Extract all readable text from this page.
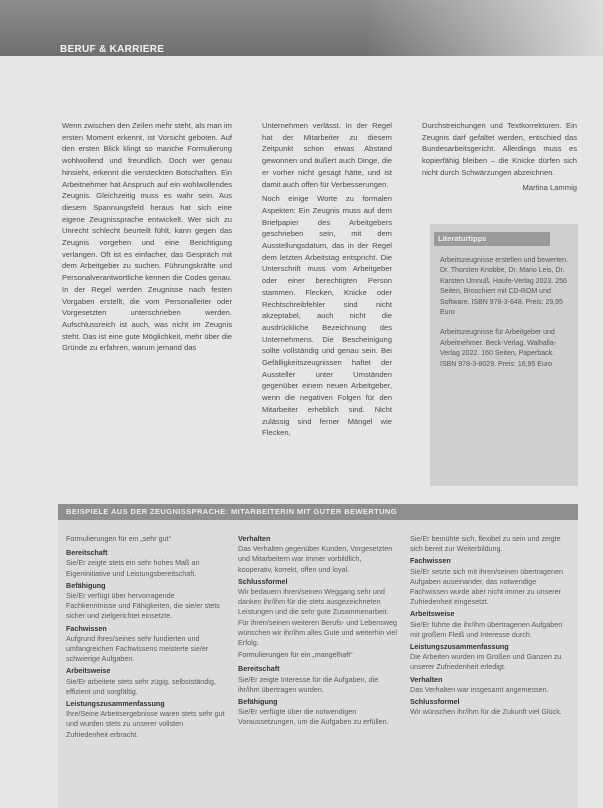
BERUF & KARRIERE

Wenn zwischen den Zeilen mehr steht, als man im ersten Moment erkennt, ist Vorsicht geboten. Auf den ersten Blick klingt so manche Formulierung wohlwollend und freundlich. Doch wer genau hinsieht, erkennt die versteckten Botschaften. Ein Arbeitnehmer hat Anspruch auf ein wohlwollendes Zeugnis. Gleichzeitig muss es wahr sein. Aus diesem Spannungsfeld heraus hat sich eine eigene Zeugnissprache entwickelt. Wer sich zu Unrecht schlecht beurteilt fühlt, kann gegen das Zeugnis vorgehen und eine Berichtigung verlangen. Oft ist es einfacher, das Gespräch mit dem Arbeitgeber zu suchen. Führungskräfte und Personalverantwortliche kennen die Codes genau. In der Regel werden Zeugnisse nach festen Vorgaben erstellt, die vom Personalleiter oder Vorgesetzten unterschrieben werden. Aufschlussreich ist auch, was nicht im Zeugnis steht. Das ist eine gute Möglichkeit, mehr über die Gründe zu erfahren, warum jemand das

Unternehmen verlässt. In der Regel hat der Mitarbeiter zu diesem Zeitpunkt schon etwas Abstand gewonnen und äußert auch Dinge, die er vorher nicht gesagt hätte, und ist damit auch offen für Verbesserungen.

Noch einige Worte zu formalen Aspekten: Ein Zeugnis muss auf dem Briefpapier des Arbeitgebers geschrieben sein, mit dem Ausstellungsdatum, das in der Regel dem letzten Arbeitstag entspricht. Die Unterschrift muss vom Arbeitgeber oder einer berechtigten Person stammen. Flecken, Knicke oder Rechtschreibfehler sind nicht akzeptabel, auch nicht die ausdrückliche Bezeichnung des Unternehmens. Die Bescheinigung sollte vollständig und genau sein. Bei Gefälligkeitszeugnissen haftet der Aussteller unter Umständen gegenüber einem neuen Arbeitgeber, wenn die negativen Folgen für den Mitarbeiter erheblich sind. Nicht zulässig sind ferner Mängel wie Flecken,

Durchstreichungen und Textkorrekturen. Ein Zeugnis darf gefaltet werden, entschied das Bundesarbeitsgericht. Allerdings muss es kopierfähig bleiben – die Knicke dürfen sich nicht durch Schwärzungen abzeichnen.

Martina Lammig

Literaturtipps

Arbeitszeugnisse erstellen und bewerten. Dr. Thorsten Knobbe, Dr. Mario Leis, Dr. Karsten Umnuß. Haufe-Verlag 2023. 256 Seiten, Broschiert mit CD-ROM und Software. ISBN 978-3-648. Preis: 29,95 Euro

Arbeitszeugnisse für Arbeitgeber und Arbeitnehmer. Beck-Verlag. Walhalla-Verlag 2022. 160 Seiten, Paperback. ISBN 978-3-8029. Preis: 16,95 Euro

BEISPIELE AUS DER ZEUGNISSPRACHE: MITARBEITERIN MIT GUTER BEWERTUNG
Formulierungen für ein „sehr gut“
Bereitschaft
Sie/Er zeigte stets ein sehr hohes Maß an Eigeninitiative und Leistungsbereitschaft.
Befähigung
Sie/Er verfügt über hervorragende Fachkenntnisse und Fähigkeiten, die sie/er stets sicher und zielgerichtet einsetzte.
Fachwissen
Aufgrund ihres/seines sehr fundierten und umfangreichen Fachwissens meisterte sie/er schwierige Aufgaben.
Arbeitsweise
Sie/Er arbeitete stets sehr zügig, selbstständig, effizient und sorgfältig.
Leistungszusammenfassung
Ihre/Seine Arbeitsergebnisse waren stets sehr gut und wurden stets zu unserer vollsten Zufriedenheit erbracht.
Verhalten
Das Verhalten gegenüber Kunden, Vorgesetzten und Mitarbeitern war immer vorbildlich, kooperativ, korrekt, offen und loyal.
Schlussformel
Wir bedauern ihren/seinen Weggang sehr und danken ihr/ihm für die stets ausgezeichneten Leistungen und die sehr gute Zusammenarbeit. Für ihren/seinen weiteren Berufs- und Lebensweg wünschen wir ihr/ihm alles Gute und weiterhin viel Erfolg.
Formulierungen für ein „mangelhaft“
Bereitschaft
Sie/Er zeigte Interesse für die Aufgaben, die ihr/ihm übertragen wurden.
Befähigung
Sie/Er verfügte über die notwendigen Voraussetzungen, um die Aufgaben zu erfüllen.
Sie/Er bemühte sich, flexibel zu sein und zeigte sich bereit zur Weiterbildung.
Fachwissen
Sie/Er setzte sich mit ihren/seinen übertragenen Aufgaben auseinander, das notwendige Fachwissen wurde aber nicht immer zu unserer Zufriedenheit eingesetzt.
Arbeitsweise
Sie/Er führte die ihr/ihm übertragenen Aufgaben mit großem Fleiß und Interesse durch.
Leistungszusammenfassung
Die Arbeiten wurden im Großen und Ganzen zu unserer Zufriedenheit erledigt.
Verhalten
Das Verhalten war insgesamt angemessen.
Schlussformel
Wir wünschen ihr/ihm für die Zukunft viel Glück.
